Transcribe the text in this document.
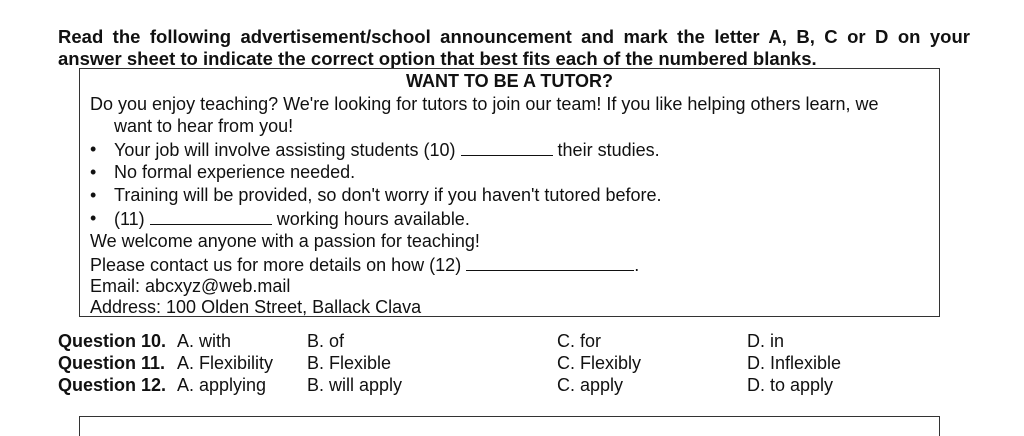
Read the following advertisement/school announcement and mark the letter A, B, C or D on your answer sheet to indicate the correct option that best fits each of the numbered blanks.
WANT TO BE A TUTOR?
Do you enjoy teaching? We're looking for tutors to join our team! If you like helping others learn, we
want to hear from you!
• Your job will involve assisting students (10)	their studies.
• No formal experience needed.
• Training will be provided, so don't worry if you haven't tutored before.
• (11)	working hours available.
We welcome anyone with a passion for teaching!
Please contact us for more details on how (12)	.
Email: abcxyz@web.mail
Address: 100 Olden Street, Ballack Clava
Question 10. A. with	B. of	C. for	D. in
Question 11. A. Flexibility B. Flexible	C. Flexibly	D. Inflexible
Question 12. A. applying B. will apply	C. apply	D. to apply
